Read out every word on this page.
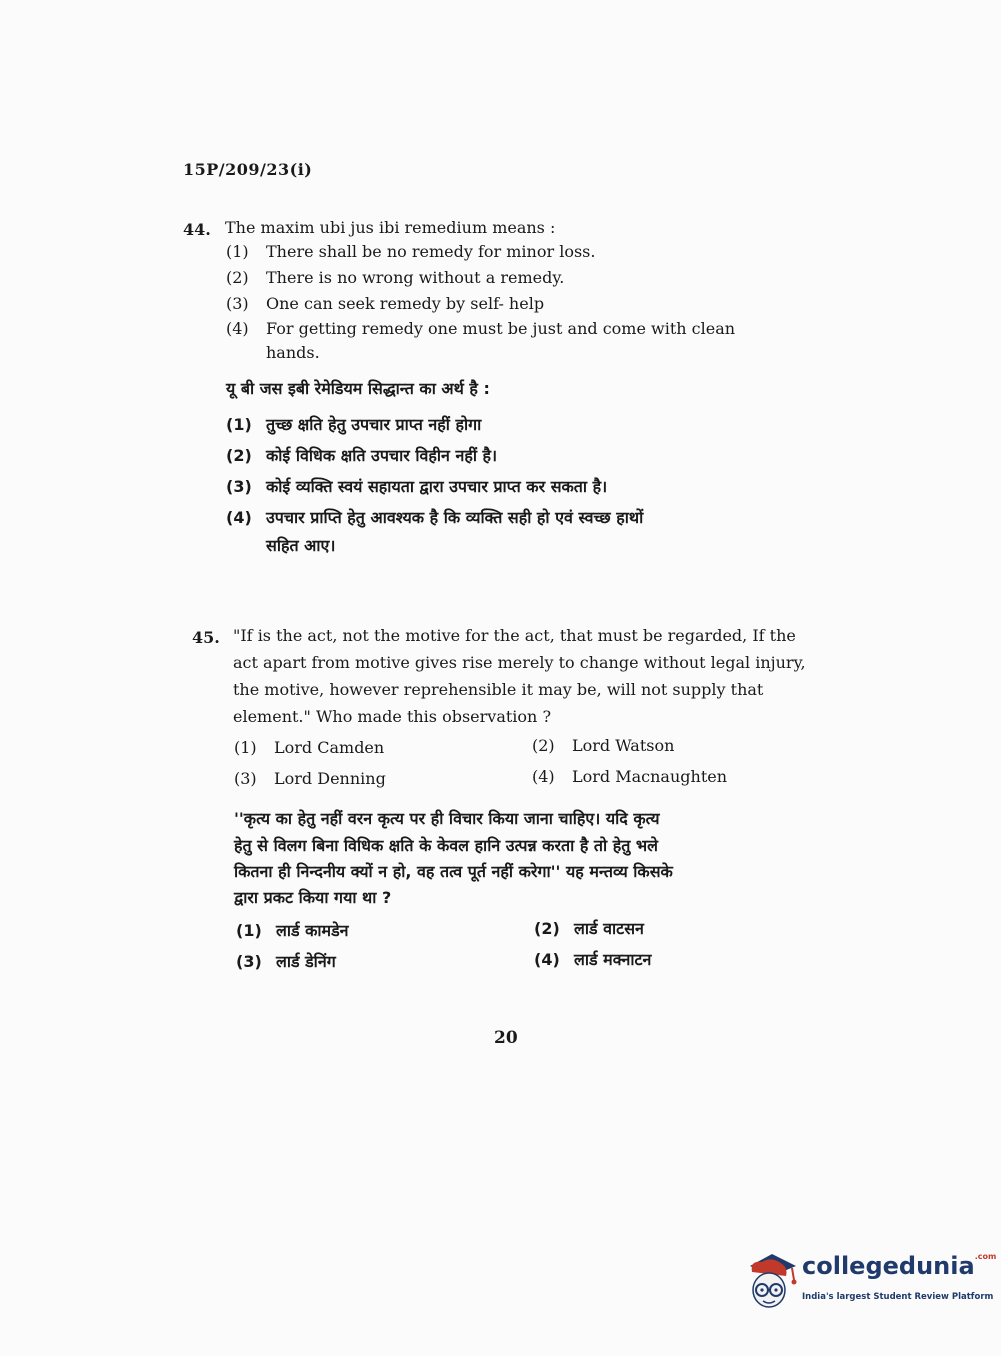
15P/209/23(i)
44. The maxim ubi jus ibi remedium means :
(1) There shall be no remedy for minor loss.
(2) There is no wrong without a remedy.
(3) One can seek remedy by self- help
(4) For getting remedy one must be just and come with clean
hands.
यू बी जस इबी रेमेडियम सिद्धान्त का अर्थ है :
(1) तुच्छ क्षति हेतु उपचार प्राप्त नहीं होगा
(2) कोई विधिक क्षति उपचार विहीन नहीं है।
(3) कोई व्यक्ति स्वयं सहायता द्वारा उपचार प्राप्त कर सकता है।
(4) उपचार प्राप्ति हेतु आवश्यक है कि व्यक्ति सही हो एवं स्वच्छ हाथों
सहित आए।
45. "If is the act, not the motive for the act, that must be regarded, If the
act apart from motive gives rise merely to change without legal injury,
the motive, however reprehensible it may be, will not supply that
element." Who made this observation ?
(1) Lord Camden	(2) Lord Watson
(3) Lord Denning	(4) Lord Macnaughten
''कृत्य का हेतु नहीं वरन कृत्य पर ही विचार किया जाना चाहिए। यदि कृत्य
हेतु से विलग बिना विधिक क्षति के केवल हानि उत्पन्न करता है तो हेतु भले
कितना ही निन्दनीय क्यों न हो, वह तत्व पूर्त नहीं करेगा'' यह मन्तव्य किसके
द्वारा प्रकट किया गया था ?
(1) लार्ड कामडेन	(2) लार्ड वाटसन
(3) लार्ड डेनिंग	(4) लार्ड मक्नाटन
20
collegedunia$^{.com}$
India's largest Student Review Platform
